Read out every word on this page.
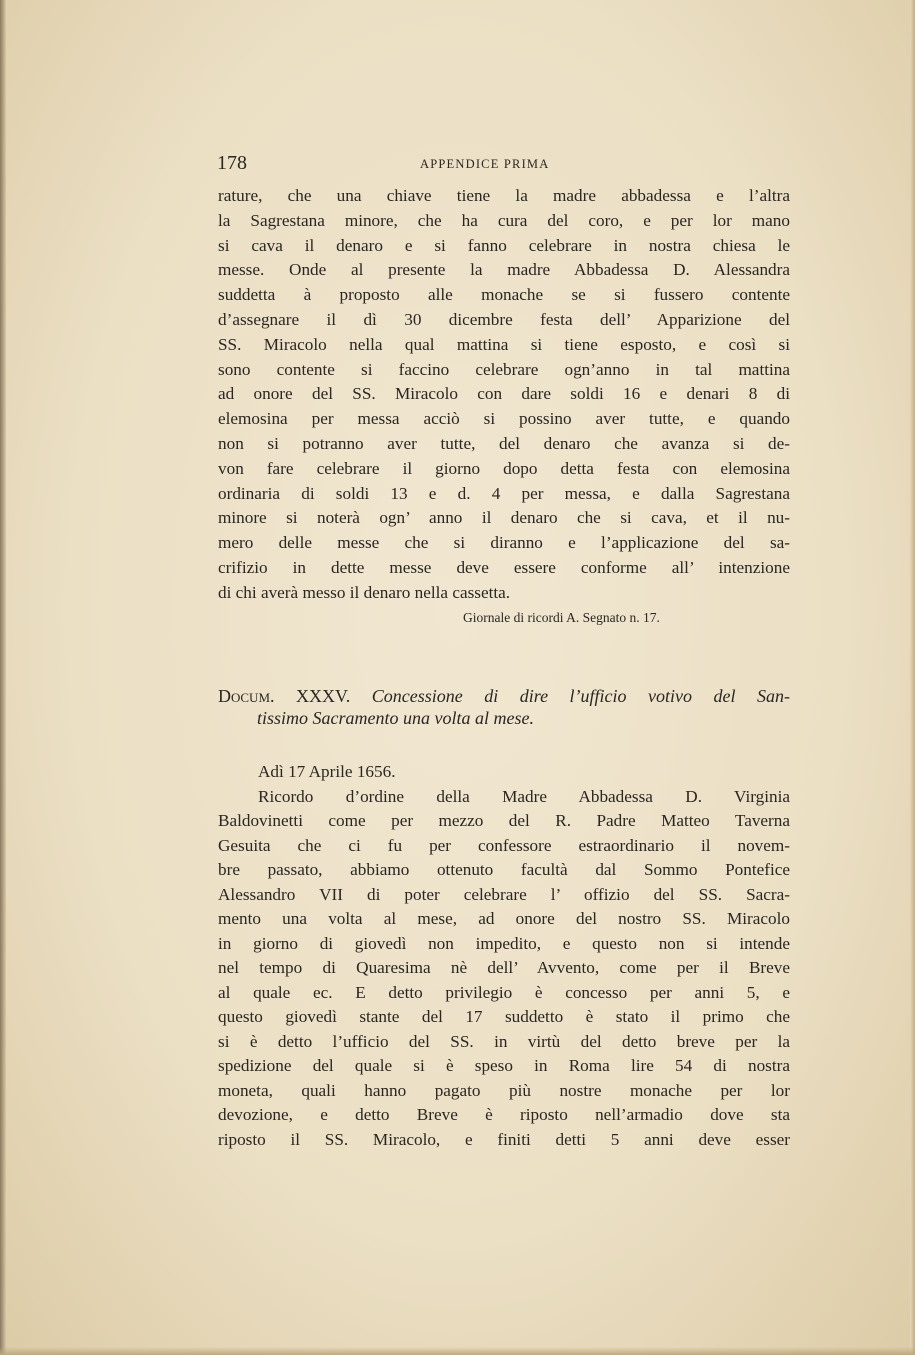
178	APPENDICE PRIMA
rature, che una chiave tiene la madre abbadessa e l’altra
la Sagrestana minore, che ha cura del coro, e per lor mano
si cava il denaro e si fanno celebrare in nostra chiesa le
messe. Onde al presente la madre Abbadessa D. Alessandra
suddetta à proposto alle monache se si fussero contente
d’assegnare il dì 30 dicembre festa dell’ Apparizione del
SS. Miracolo nella qual mattina si tiene esposto, e così si
sono contente si faccino celebrare ogn’anno in tal mattina
ad onore del SS. Miracolo con dare soldi 16 e denari 8 di
elemosina per messa acciò si possino aver tutte, e quando
non si potranno aver tutte, del denaro che avanza si de-
von fare celebrare il giorno dopo detta festa con elemosina
ordinaria di soldi 13 e d. 4 per messa, e dalla Sagrestana
minore si noterà ogn’ anno il denaro che si cava, et il nu-
mero delle messe che si diranno e l’applicazione del sa-
crifizio in dette messe deve essere conforme all’ intenzione
di chi averà messo il denaro nella cassetta.
Giornale di ricordi A. Segnato n. 17.
Docum. XXXV. Concessione di dire l’ufficio votivo del San-
tissimo Sacramento una volta al mese.
Adì 17 Aprile 1656.
Ricordo d’ordine della Madre Abbadessa D. Virginia
Baldovinetti come per mezzo del R. Padre Matteo Taverna
Gesuita che ci fu per confessore estraordinario il novem-
bre passato, abbiamo ottenuto facultà dal Sommo Pontefice
Alessandro VII di poter celebrare l’ offizio del SS. Sacra-
mento una volta al mese, ad onore del nostro SS. Miracolo
in giorno di giovedì non impedito, e questo non si intende
nel tempo di Quaresima nè dell’ Avvento, come per il Breve
al quale ec. E detto privilegio è concesso per anni 5, e
questo giovedì stante del 17 suddetto è stato il primo che
si è detto l’ufficio del SS. in virtù del detto breve per la
spedizione del quale si è speso in Roma lire 54 di nostra
moneta, quali hanno pagato più nostre monache per lor
devozione, e detto Breve è riposto nell’armadio dove sta
riposto il SS. Miracolo, e finiti detti 5 anni deve esser
